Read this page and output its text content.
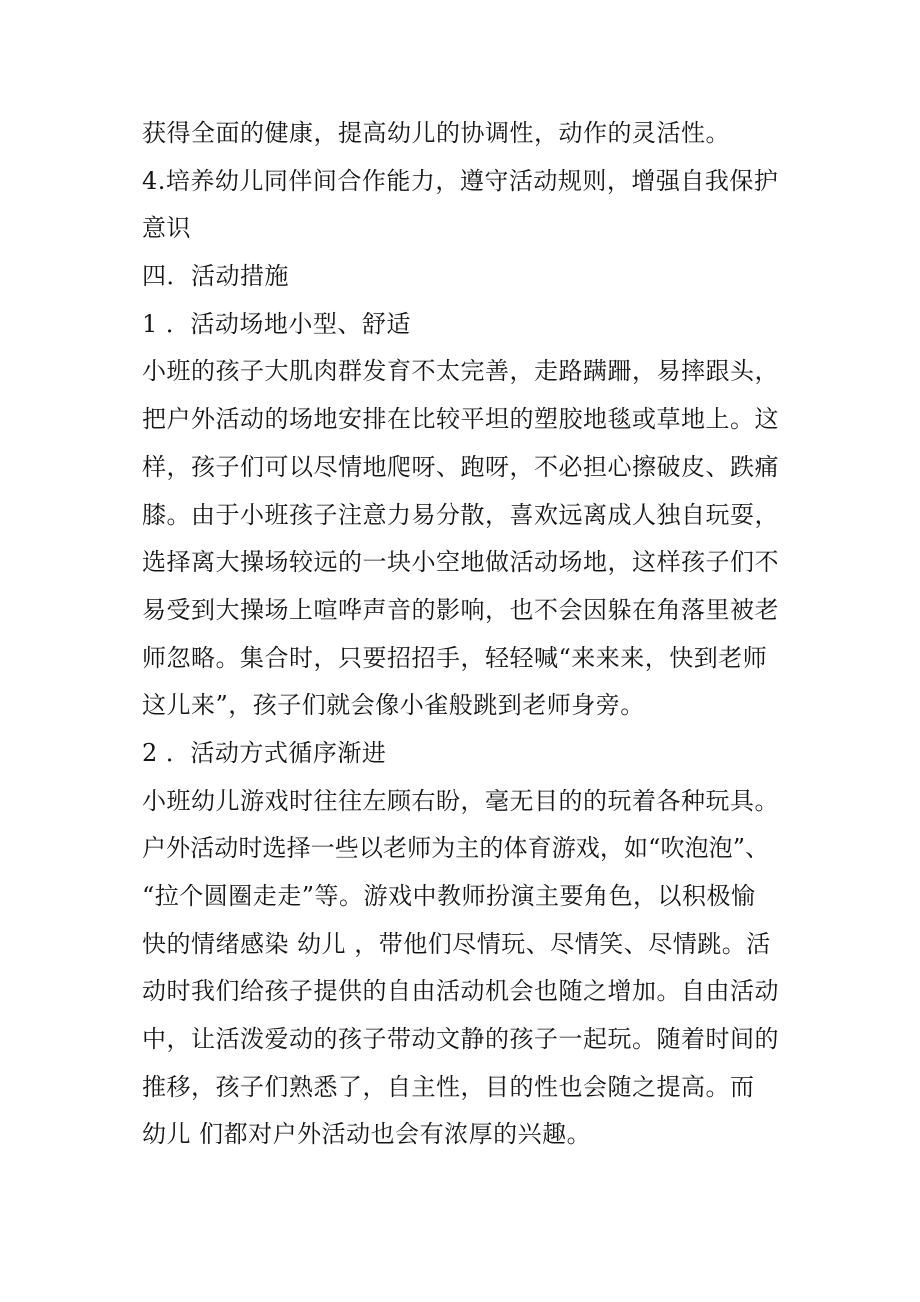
获得全面的健康，提高幼儿的协调性，动作的灵活性。
4.培养幼儿同伴间合作能力，遵守活动规则，增强自我保护
意识
四．活动措施
1 ．活动场地小型、舒适
小班的孩子大肌肉群发育不太完善，走路蹒跚，易摔跟头，
把户外活动的场地安排在比较平坦的塑胶地毯或草地上。这
样，孩子们可以尽情地爬呀、跑呀，不必担心擦破皮、跌痛
膝。由于小班孩子注意力易分散，喜欢远离成人独自玩耍，
选择离大操场较远的一块小空地做活动场地，这样孩子们不
易受到大操场上喧哗声音的影响，也不会因躲在角落里被老
师忽略。集合时，只要招招手，轻轻喊“来来来，快到老师
这儿来”，孩子们就会像小雀般跳到老师身旁。
2 ．活动方式循序渐进
小班幼儿游戏时往往左顾右盼，毫无目的的玩着各种玩具。
户外活动时选择一些以老师为主的体育游戏，如“吹泡泡”、
“拉个圆圈走走”等。游戏中教师扮演主要角色，以积极愉
快的情绪感染 幼儿 ，带他们尽情玩、尽情笑、尽情跳。活
动时我们给孩子提供的自由活动机会也随之增加。自由活动
中，让活泼爱动的孩子带动文静的孩子一起玩。随着时间的
推移，孩子们熟悉了，自主性，目的性也会随之提高。而
幼儿 们都对户外活动也会有浓厚的兴趣。
